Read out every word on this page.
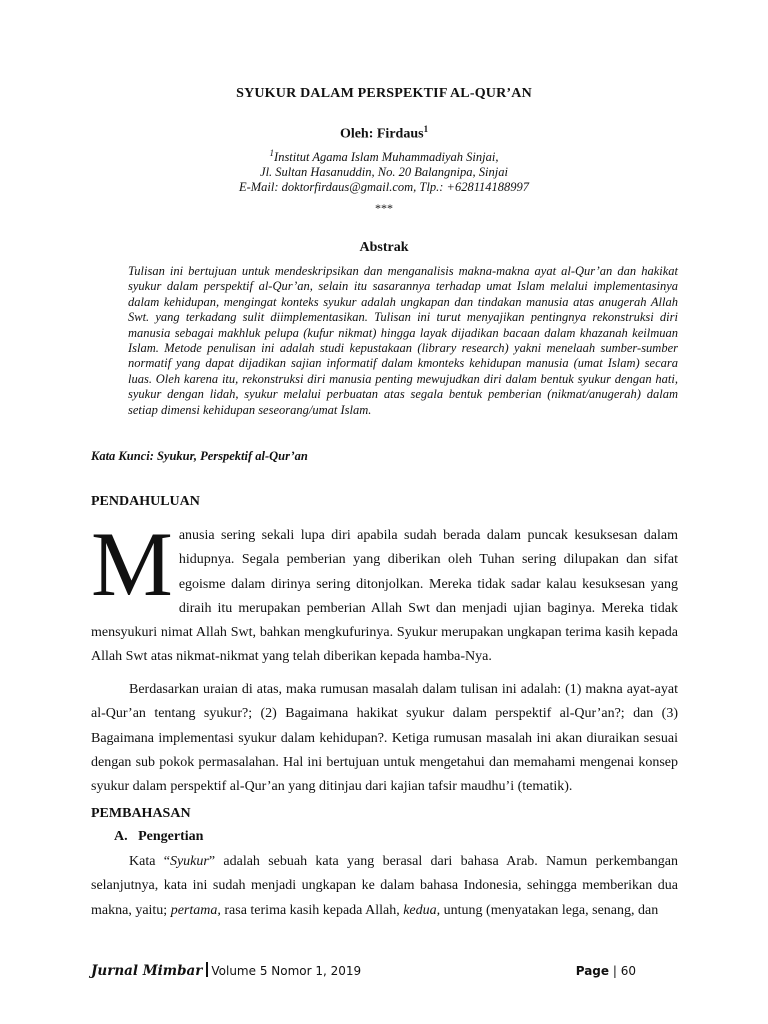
SYUKUR DALAM PERSPEKTIF AL-QUR’AN
Oleh: Firdaus$^1$
$^1$Institut Agama Islam Muhammadiyah Sinjai,
Jl. Sultan Hasanuddin, No. 20 Balangnipa, Sinjai
E-Mail: doktorfirdaus@gmail.com, Tlp.: +628114188997
***
Abstrak
Tulisan ini bertujuan untuk mendeskripsikan dan menganalisis makna-makna ayat al-Qur’an dan hakikat syukur dalam perspektif al-Qur’an, selain itu sasarannya terhadap umat Islam melalui implementasinya dalam kehidupan, mengingat konteks syukur adalah ungkapan dan tindakan manusia atas anugerah Allah Swt. yang terkadang sulit diimplementasikan. Tulisan ini turut menyajikan pentingnya rekonstruksi diri manusia sebagai makhluk pelupa (kufur nikmat) hingga layak dijadikan bacaan dalam khazanah keilmuan Islam. Metode penulisan ini adalah studi kepustakaan (library research) yakni menelaah sumber-sumber normatif yang dapat dijadikan sajian informatif dalam kmonteks kehidupan manusia (umat Islam) secara luas. Oleh karena itu, rekonstruksi diri manusia penting mewujudkan diri dalam bentuk syukur dengan hati, syukur dengan lidah, syukur melalui perbuatan atas segala bentuk pemberian (nikmat/anugerah) dalam setiap dimensi kehidupan seseorang/umat Islam.
Kata Kunci: Syukur, Perspektif al-Qur’an
PENDAHULUAN
Manusia sering sekali lupa diri apabila sudah berada dalam puncak kesuksesan dalam hidupnya. Segala pemberian yang diberikan oleh Tuhan sering dilupakan dan sifat egoisme dalam dirinya sering ditonjolkan. Mereka tidak sadar kalau kesuksesan yang diraih itu merupakan pemberian Allah Swt dan menjadi ujian baginya. Mereka tidak mensyukuri nimat Allah Swt, bahkan mengkufurinya. Syukur merupakan ungkapan terima kasih kepada Allah Swt atas nikmat-nikmat yang telah diberikan kepada hamba-Nya.
Berdasarkan uraian di atas, maka rumusan masalah dalam tulisan ini adalah: (1) makna ayat-ayat al-Qur’an tentang syukur?; (2) Bagaimana hakikat syukur dalam perspektif al-Qur’an?; dan (3) Bagaimana implementasi syukur dalam kehidupan?. Ketiga rumusan masalah ini akan diuraikan sesuai dengan sub pokok permasalahan. Hal ini bertujuan untuk mengetahui dan memahami mengenai konsep syukur dalam perspektif al-Qur’an yang ditinjau dari kajian tafsir maudhu’i (tematik).
PEMBAHASAN
A.   Pengertian
Kata “Syukur” adalah sebuah kata yang berasal dari bahasa Arab. Namun perkembangan selanjutnya, kata ini sudah menjadi ungkapan ke dalam bahasa Indonesia, sehingga memberikan dua makna, yaitu; pertama, rasa terima kasih kepada Allah, kedua, untung (menyatakan lega, senang, dan
Jurnal Mimbar Volume 5 Nomor 1, 2019	Page | 60
